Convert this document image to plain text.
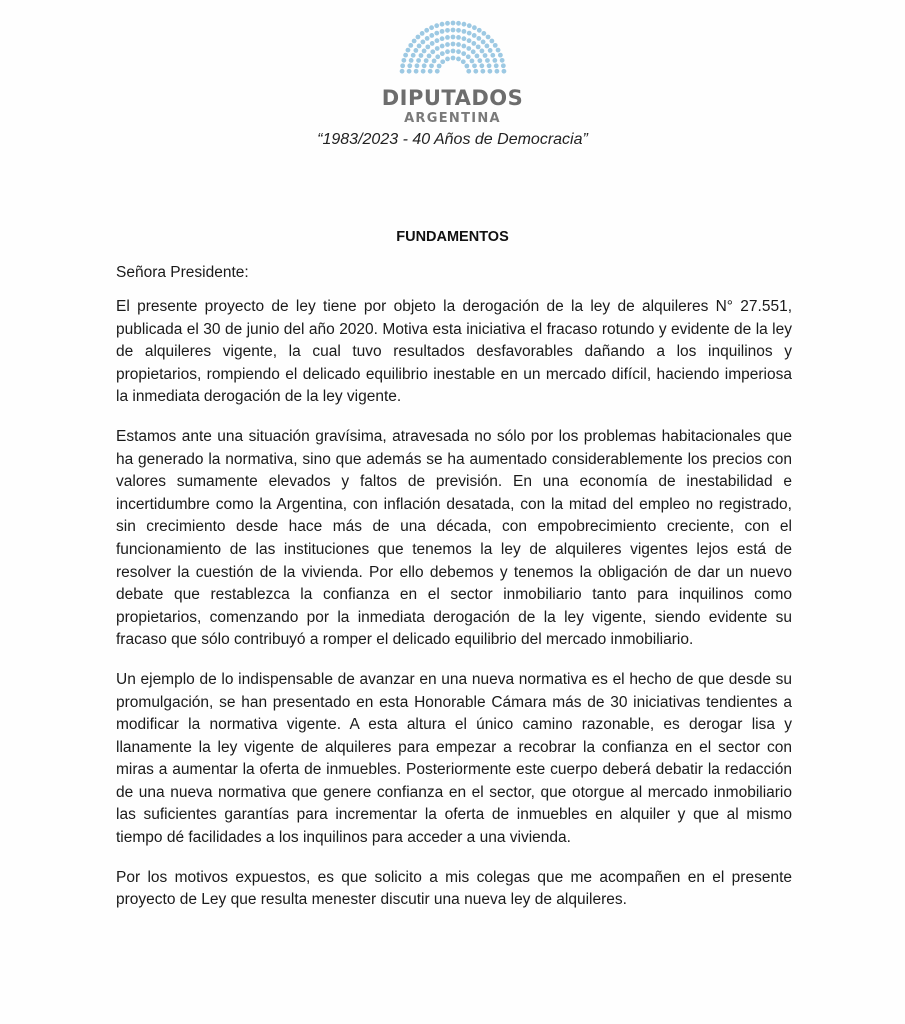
DIPUTADOS
ARGENTINA
“1983/2023 - 40 Años de Democracia”
FUNDAMENTOS
Señora Presidente:

El presente proyecto de ley tiene por objeto la derogación de la ley de alquileres N° 27.551, publicada el 30 de junio del año 2020. Motiva esta iniciativa el fracaso rotundo y evidente de la ley de alquileres vigente, la cual tuvo resultados desfavorables dañando a los inquilinos y propietarios, rompiendo el delicado equilibrio inestable en un mercado difícil, haciendo imperiosa la inmediata derogación de la ley vigente.

Estamos ante una situación gravísima, atravesada no sólo por los problemas habitacionales que ha generado la normativa, sino que además se ha aumentado considerablemente los precios con valores sumamente elevados y faltos de previsión. En una economía de inestabilidad e incertidumbre como la Argentina, con inflación desatada, con la mitad del empleo no registrado, sin crecimiento desde hace más de una década, con empobrecimiento creciente, con el funcionamiento de las instituciones que tenemos la ley de alquileres vigentes lejos está de resolver la cuestión de la vivienda. Por ello debemos y tenemos la obligación de dar un nuevo debate que restablezca la confianza en el sector inmobiliario tanto para inquilinos como propietarios, comenzando por la inmediata derogación de la ley vigente, siendo evidente su fracaso que sólo contribuyó a romper el delicado equilibrio del mercado inmobiliario.

Un ejemplo de lo indispensable de avanzar en una nueva normativa es el hecho de que desde su promulgación, se han presentado en esta Honorable Cámara más de 30 iniciativas tendientes a modificar la normativa vigente. A esta altura el único camino razonable, es derogar lisa y llanamente la ley vigente de alquileres para empezar a recobrar la confianza en el sector con miras a aumentar la oferta de inmuebles. Posteriormente este cuerpo deberá debatir la redacción de una nueva normativa que genere confianza en el sector, que otorgue al mercado inmobiliario las suficientes garantías para incrementar la oferta de inmuebles en alquiler y que al mismo tiempo dé facilidades a los inquilinos para acceder a una vivienda.

Por los motivos expuestos, es que solicito a mis colegas que me acompañen en el presente proyecto de Ley que resulta menester discutir una nueva ley de alquileres.
